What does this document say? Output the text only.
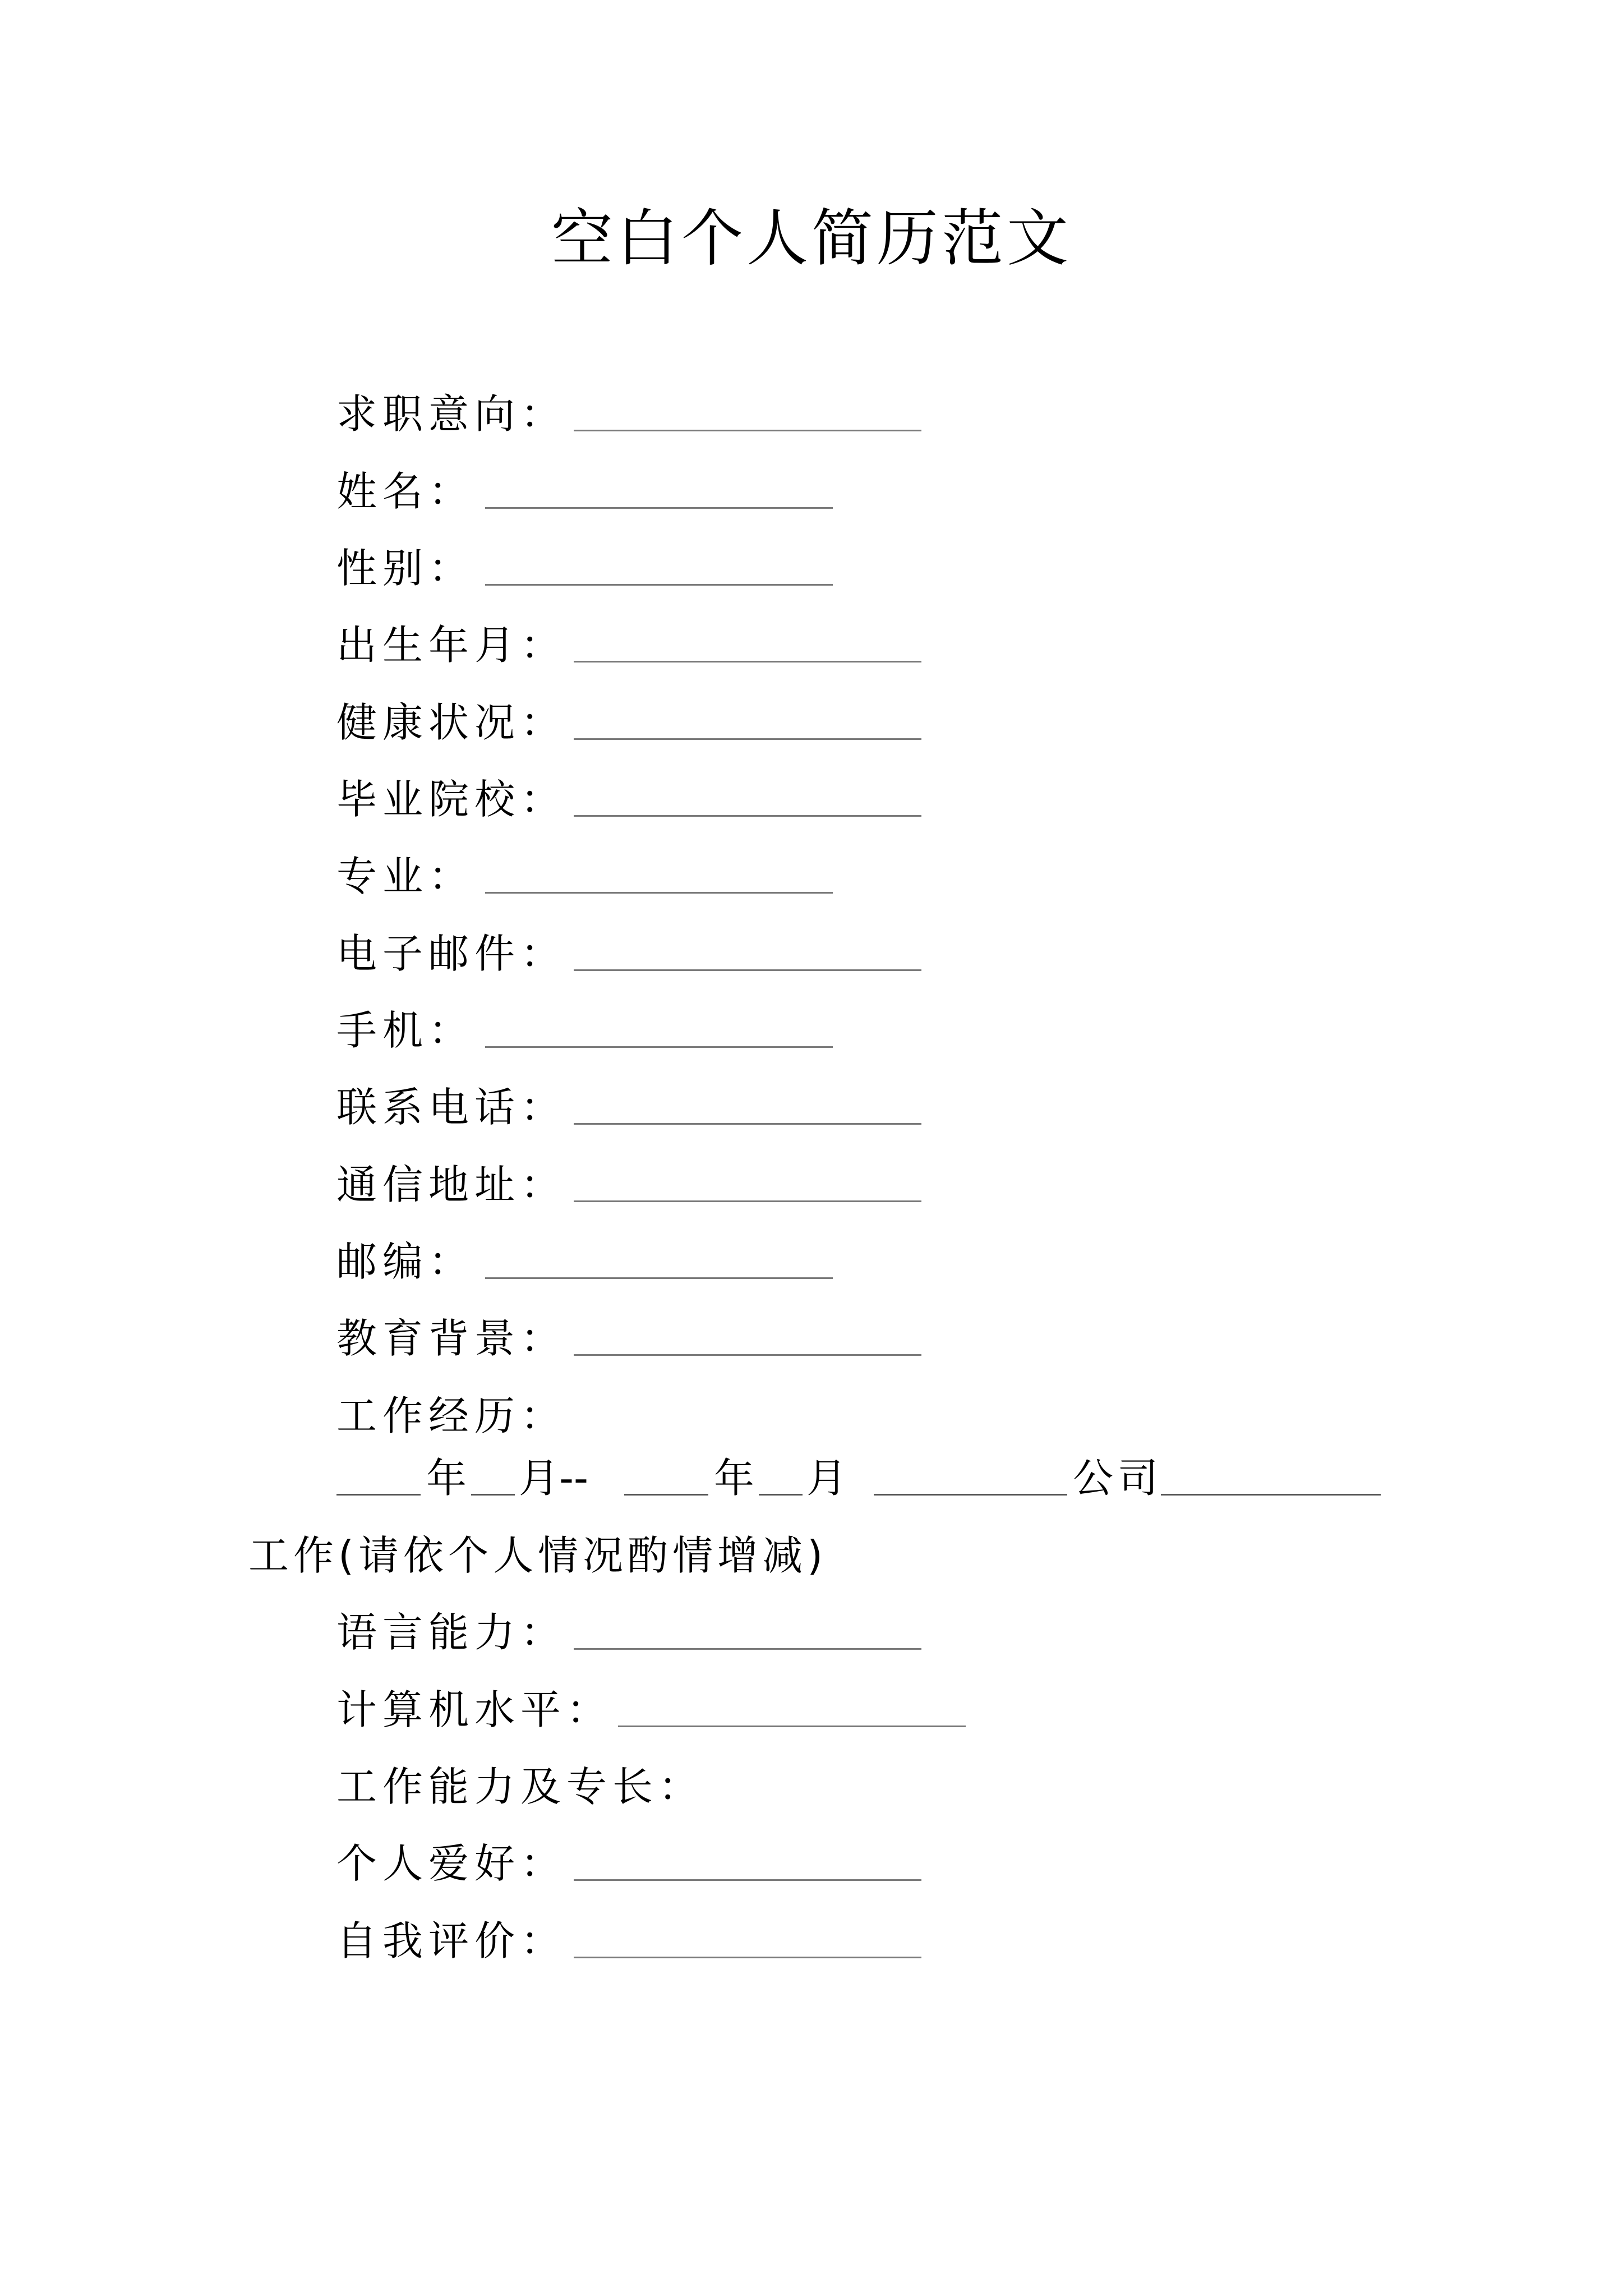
空白个人简历范文
求职意向：
姓名：
性别：
出生年月：
健康状况：
毕业院校：
专业：
电子邮件：
手机：
联系电话：
通信地址：
邮编：
教育背景：
工作经历：
语言能力：
计算机水平：
工作能力及专长：
个人爱好：
自我评价：
年 月--	年 月	公司
工作(请依个人情况酌情增减)
